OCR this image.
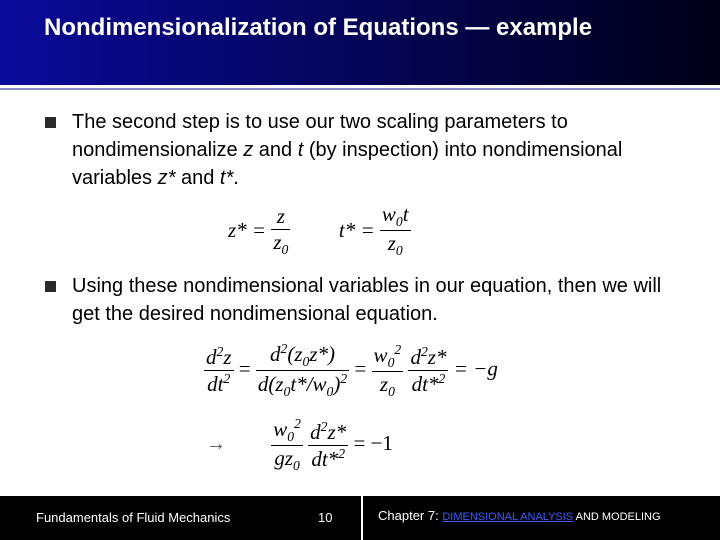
Nondimensionalization of Equations — example
The second step is to use our two scaling parameters to nondimensionalize z and t (by inspection) into nondimensional variables z* and t*.
$z* = \frac{z}{z_0} t* = \frac{w_0t}{z_0}$
Using these nondimensional variables in our equation, then we will get the desired nondimensional equation.
$\frac{d^2z}{dt^2} = \frac{d^2(z_0z*)}{d(z_0t*/w_0)^2} = \frac{w_0^2}{z_0}$
$\frac{d^2z*}{dt*^2} = -g$
→ $\frac{w_0^2}{gz_0}$
$\frac{d^2z*}{dt*^2} = -1$
Fundamentals of Fluid Mechanics	10	Chapter 7: DIMENSIONAL ANALYSIS AND MODELING
